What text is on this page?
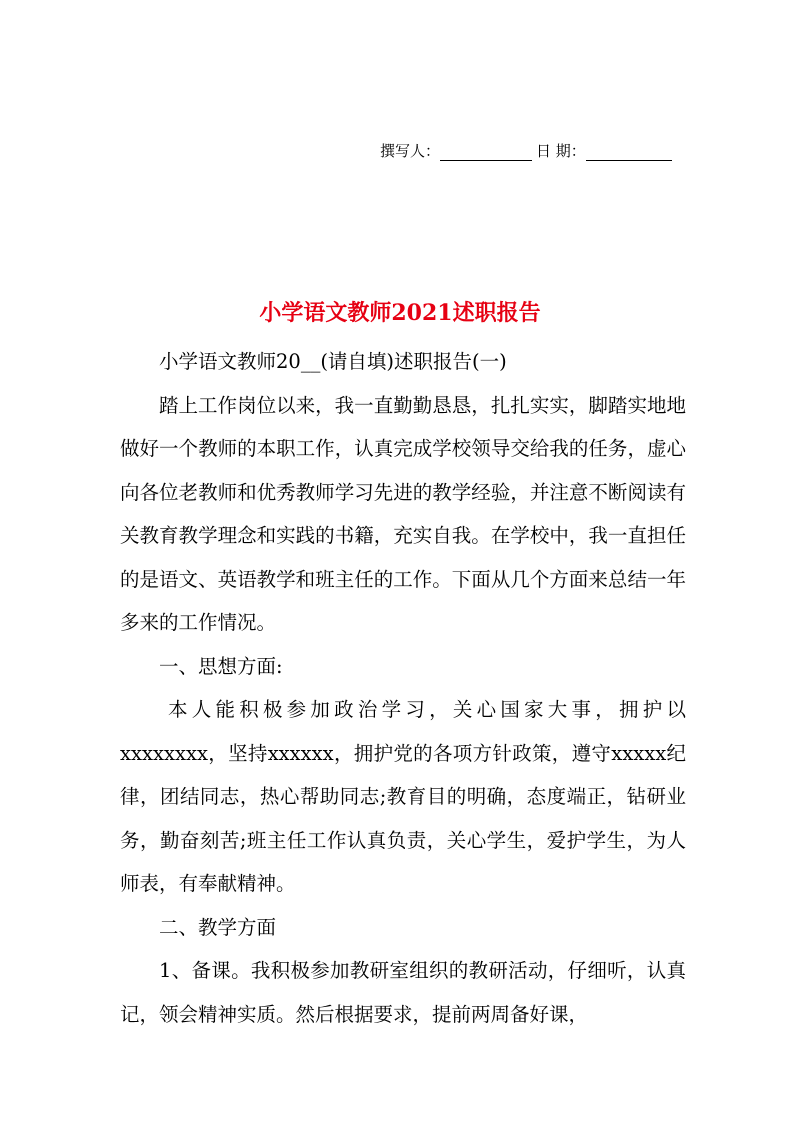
撰写人：	日 期：
小学语文教师2021述职报告

小学语文教师20__(请自填)述职报告(一)

踏上工作岗位以来，我一直勤勤恳恳，扎扎实实，脚踏实地地做好一个教师的本职工作，认真完成学校领导交给我的任务，虚心向各位老教师和优秀教师学习先进的教学经验，并注意不断阅读有关教育教学理念和实践的书籍，充实自我。在学校中，我一直担任的是语文、英语教学和班主任的工作。下面从几个方面来总结一年多来的工作情况。

一、思想方面:

本人能积极参加政治学习，关心国家大事，拥护以xxxxxxxx，坚持xxxxxx，拥护党的各项方针政策，遵守xxxxx纪律，团结同志，热心帮助同志;教育目的明确，态度端正，钻研业务，勤奋刻苦;班主任工作认真负责，关心学生，爱护学生，为人师表，有奉献精神。

二、教学方面

1、备课。我积极参加教研室组织的教研活动，仔细听，认真记，领会精神实质。然后根据要求，提前两周备好课，
